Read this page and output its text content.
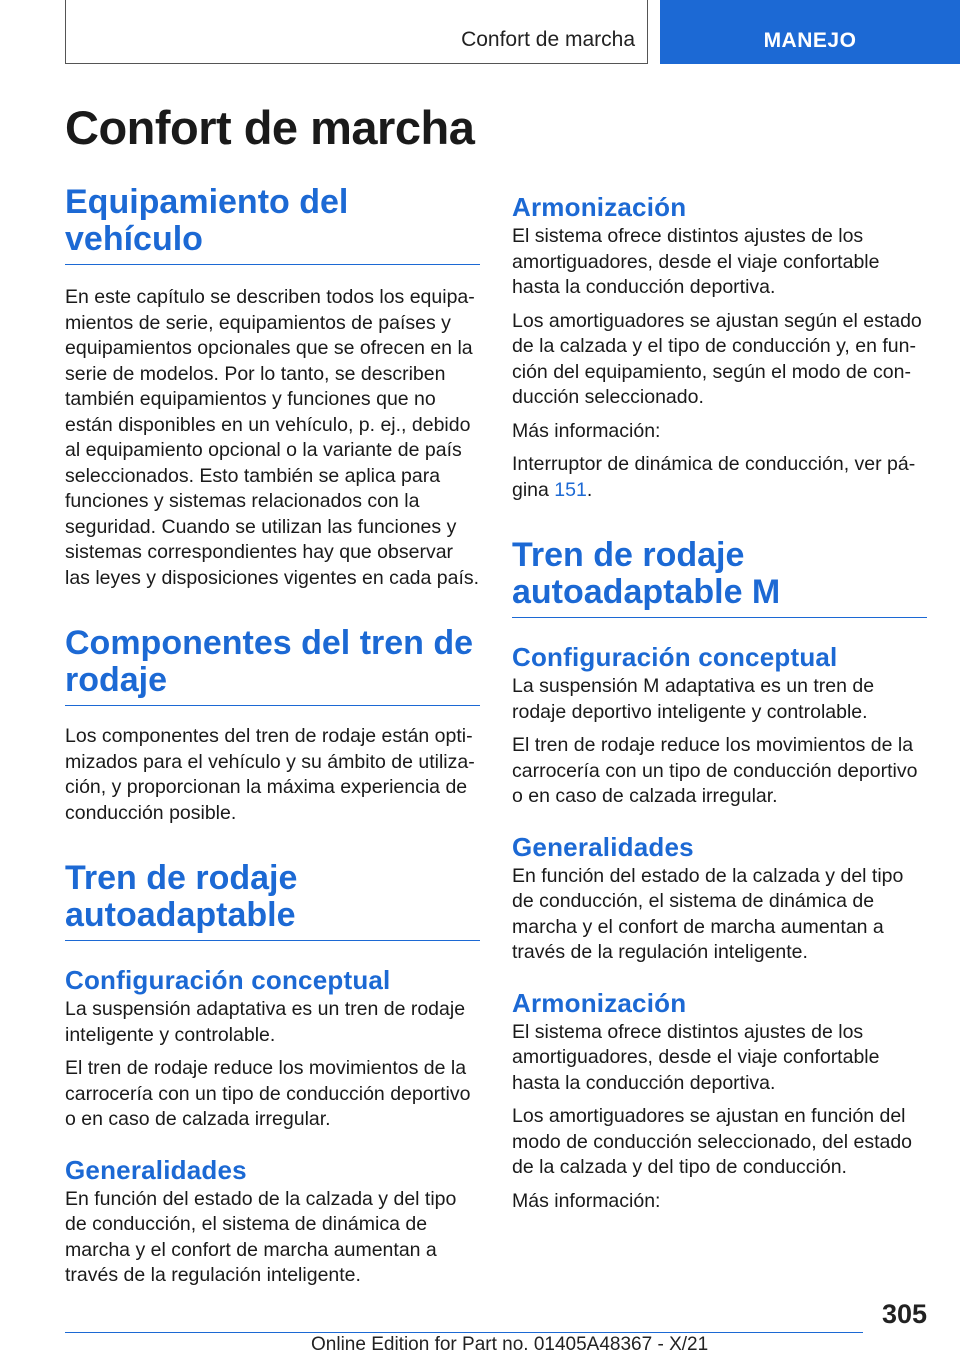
Confort de marcha	MANEJO
Confort de marcha
Equipamiento del vehículo

En este capítulo se describen todos los equipamientos de serie, equipamientos de países y equipamientos opcionales que se ofrecen en la serie de modelos. Por lo tanto, se describen también equipamientos y funciones que no están disponibles en un vehículo, p. ej., debido al equipamiento opcional o la variante de país seleccionados. Esto también se aplica para funciones y sistemas relacionados con la seguridad. Cuando se utilizan las funciones y sistemas correspondientes hay que observar las leyes y disposiciones vigentes en cada país.

Componentes del tren de rodaje

Los componentes del tren de rodaje están optimizados para el vehículo y su ámbito de utilización, y proporcionan la máxima experiencia de conducción posible.

Tren de rodaje autoadaptable
Configuración conceptual

La suspensión adaptativa es un tren de rodaje inteligente y controlable.

El tren de rodaje reduce los movimientos de la carrocería con un tipo de conducción deportivo o en caso de calzada irregular.

Generalidades

En función del estado de la calzada y del tipo de conducción, el sistema de dinámica de marcha y el confort de marcha aumentan a través de la regulación inteligente.

Armonización

El sistema ofrece distintos ajustes de los amortiguadores, desde el viaje confortable hasta la conducción deportiva.

Los amortiguadores se ajustan según el estado de la calzada y el tipo de conducción y, en función del equipamiento, según el modo de conducción seleccionado.

Más información:

Interruptor de dinámica de conducción, ver página 151.

Tren de rodaje autoadaptable M
Configuración conceptual

La suspensión M adaptativa es un tren de rodaje deportivo inteligente y controlable.

El tren de rodaje reduce los movimientos de la carrocería con un tipo de conducción deportivo o en caso de calzada irregular.

Generalidades

En función del estado de la calzada y del tipo de conducción, el sistema de dinámica de marcha y el confort de marcha aumentan a través de la regulación inteligente.

Armonización

El sistema ofrece distintos ajustes de los amortiguadores, desde el viaje confortable hasta la conducción deportiva.

Los amortiguadores se ajustan en función del modo de conducción seleccionado, del estado de la calzada y del tipo de conducción.

Más información:

305
Online Edition for Part no. 01405A48367 - X/21
